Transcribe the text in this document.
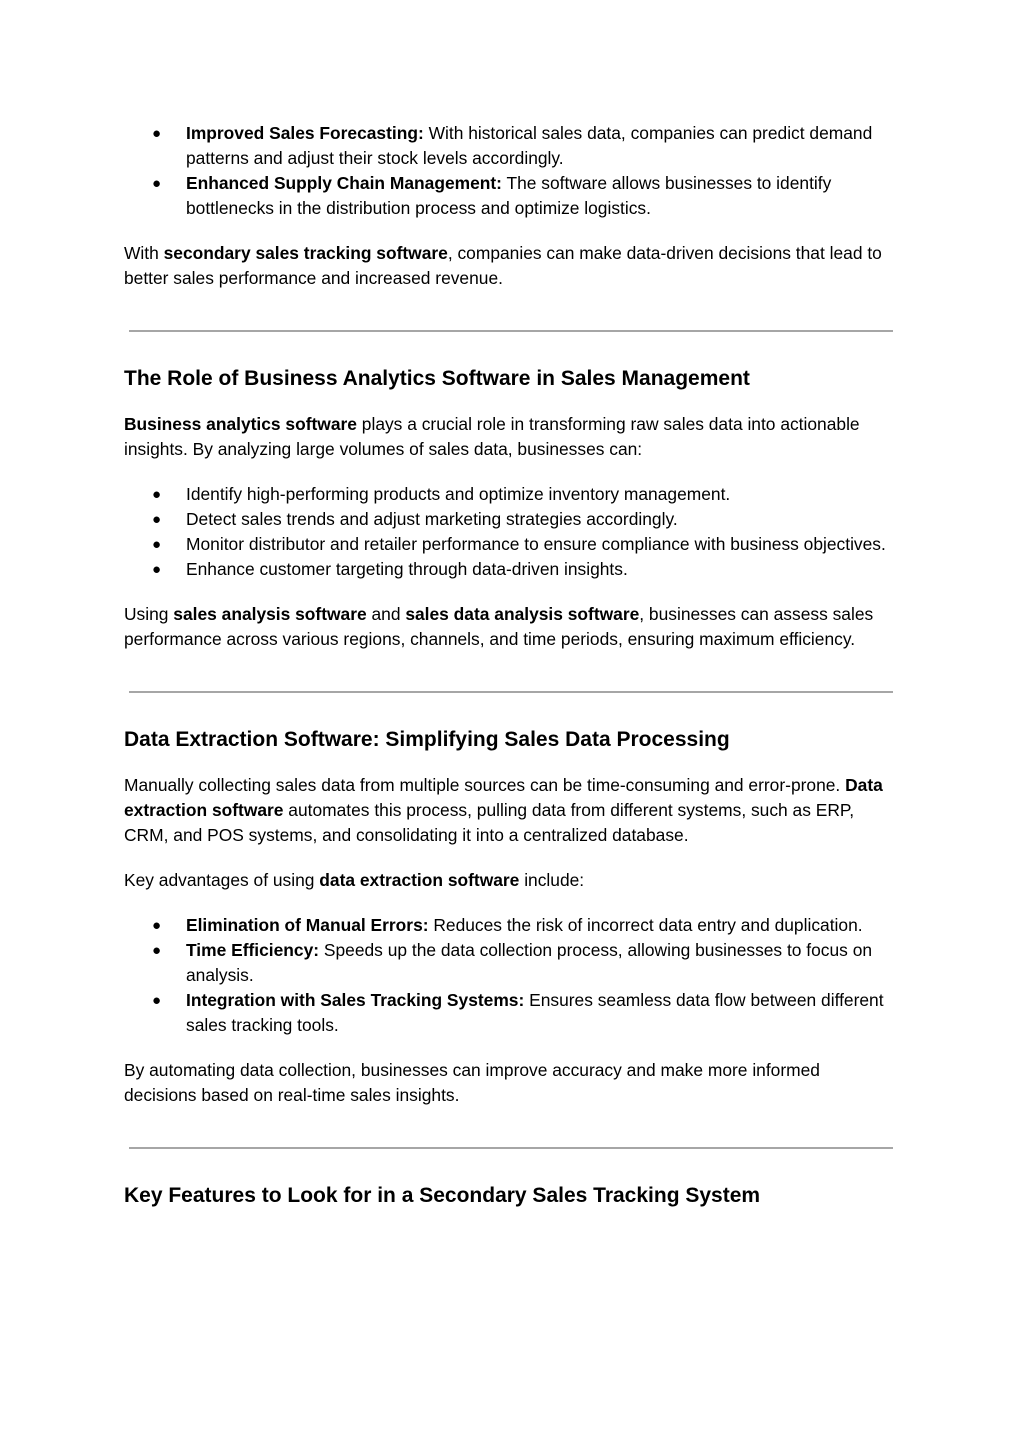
● Improved Sales Forecasting: With historical sales data, companies can predict demand patterns and adjust their stock levels accordingly.
● Enhanced Supply Chain Management: The software allows businesses to identify bottlenecks in the distribution process and optimize logistics.

With secondary sales tracking software, companies can make data-driven decisions that lead to better sales performance and increased revenue.

The Role of Business Analytics Software in Sales Management

Business analytics software plays a crucial role in transforming raw sales data into actionable insights. By analyzing large volumes of sales data, businesses can:

● Identify high-performing products and optimize inventory management.
● Detect sales trends and adjust marketing strategies accordingly.
● Monitor distributor and retailer performance to ensure compliance with business objectives.
● Enhance customer targeting through data-driven insights.

Using sales analysis software and sales data analysis software, businesses can assess sales performance across various regions, channels, and time periods, ensuring maximum efficiency.

Data Extraction Software: Simplifying Sales Data Processing

Manually collecting sales data from multiple sources can be time-consuming and error-prone. Data extraction software automates this process, pulling data from different systems, such as ERP, CRM, and POS systems, and consolidating it into a centralized database.

Key advantages of using data extraction software include:

● Elimination of Manual Errors: Reduces the risk of incorrect data entry and duplication.
● Time Efficiency: Speeds up the data collection process, allowing businesses to focus on analysis.
● Integration with Sales Tracking Systems: Ensures seamless data flow between different sales tracking tools.

By automating data collection, businesses can improve accuracy and make more informed decisions based on real-time sales insights.

Key Features to Look for in a Secondary Sales Tracking System
